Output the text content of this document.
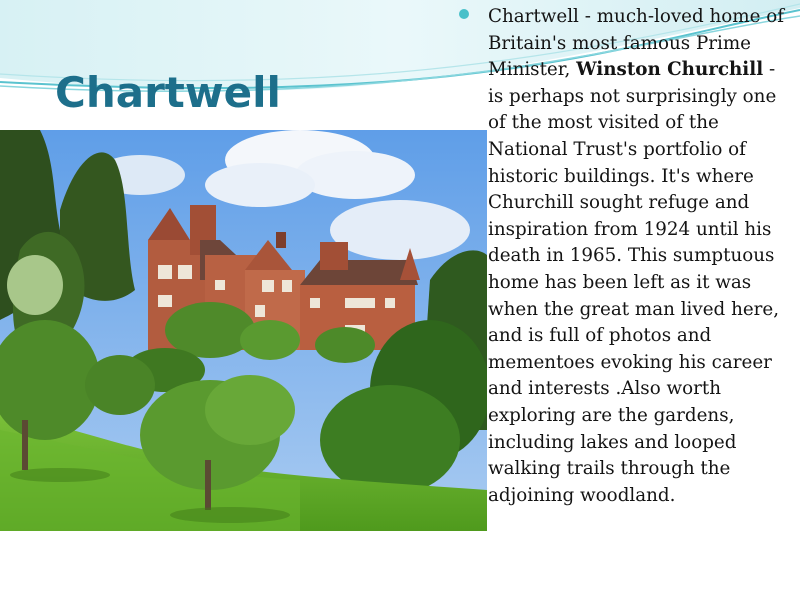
Chartwell

Chartwell - much-loved home of Britain's most famous Prime Minister, Winston Churchill - is perhaps not surprisingly one of the most visited of the National Trust's portfolio of historic buildings. It's where Churchill sought refuge and inspiration from 1924 until his death in 1965. This sumptuous home has been left as it was when the great man lived here, and is full of photos and mementoes evoking his career and interests .Also worth exploring are the gardens, including lakes and looped walking trails through the adjoining woodland.
